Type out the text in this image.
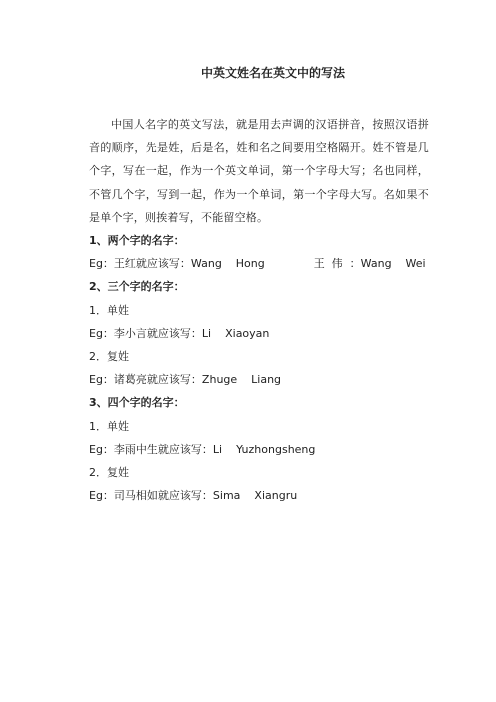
中英文姓名在英文中的写法

中国人名字的英文写法，就是用去声调的汉语拼音，按照汉语拼音的顺序，先是姓，后是名，姓和名之间要用空格隔开。姓不管是几个字，写在一起，作为一个英文单词，第一个字母大写；名也同样，不管几个字，写到一起，作为一个单词，第一个字母大写。名如果不是单个字，则挨着写，不能留空格。

1、两个字的名字：
Eg：王红就应该写：Wang    Hong              王  伟  ：Wang    Wei
2、三个字的名字：
1．单姓
Eg：李小言就应该写：Li    Xiaoyan
2．复姓
Eg：诸葛亮就应该写：Zhuge    Liang
3、四个字的名字：
1．单姓
Eg：李雨中生就应该写：Li    Yuzhongsheng
2．复姓
Eg：司马相如就应该写：Sima    Xiangru
